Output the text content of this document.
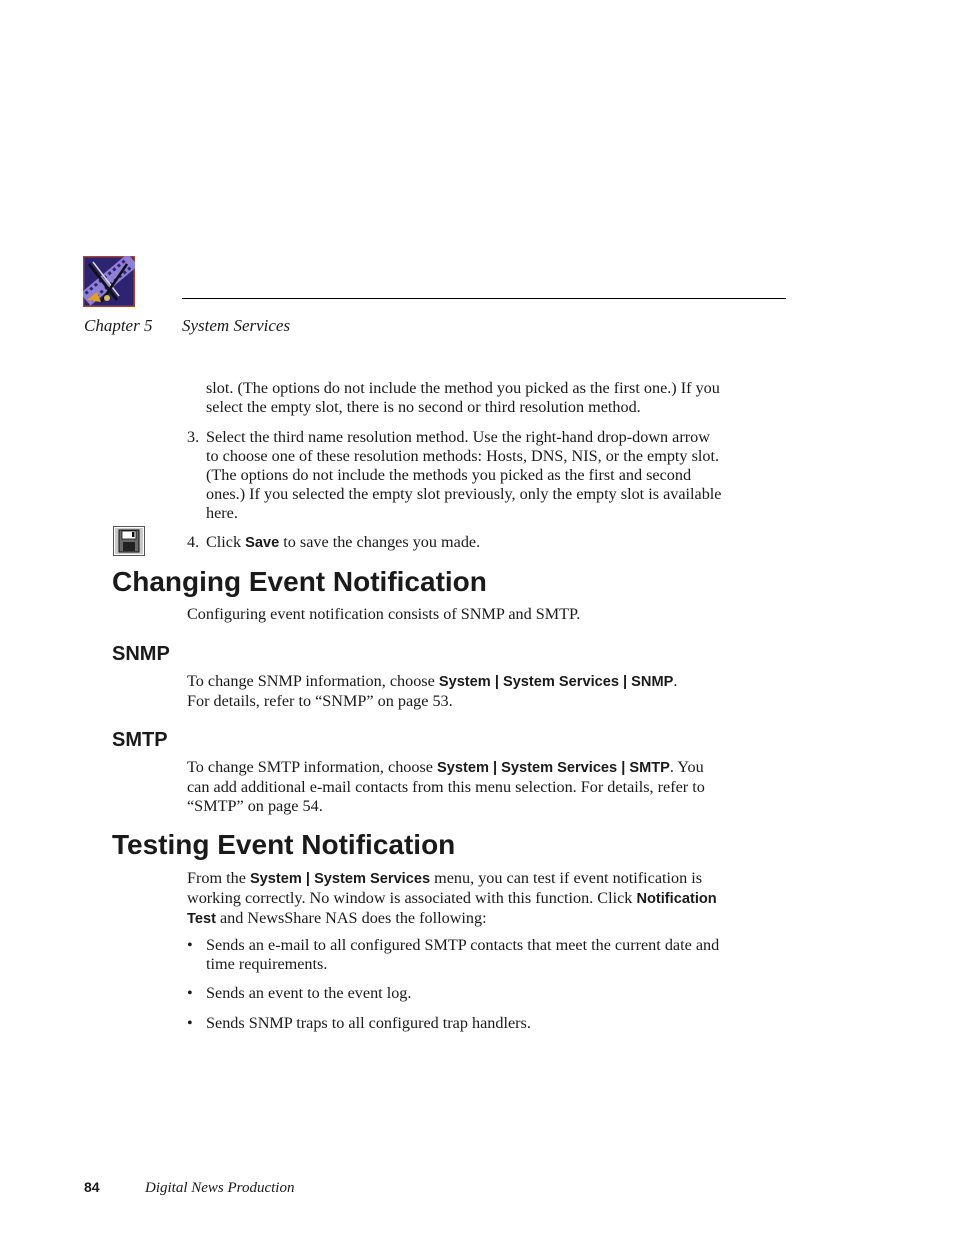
Chapter 5 System Services

slot. (The options do not include the method you picked as the first one.) If you select the empty slot, there is no second or third resolution method.

3. Select the third name resolution method. Use the right-hand drop-down arrow to choose one of these resolution methods: Hosts, DNS, NIS, or the empty slot. (The options do not include the methods you picked as the first and second ones.) If you selected the empty slot previously, only the empty slot is available here.

4. Click Save to save the changes you made.

Changing Event Notification

Configuring event notification consists of SNMP and SMTP.

SNMP

To change SNMP information, choose System | System Services | SNMP.
For details, refer to “SNMP” on page 53.

SMTP

To change SMTP information, choose System | System Services | SMTP. You can add additional e-mail contacts from this menu selection. For details, refer to “SMTP” on page 54.

Testing Event Notification

From the System | System Services menu, you can test if event notification is working correctly. No window is associated with this function. Click Notification Test and NewsShare NAS does the following:

• Sends an e-mail to all configured SMTP contacts that meet the current date and time requirements.

• Sends an event to the event log.

• Sends SNMP traps to all configured trap handlers.

84	Digital News Production
